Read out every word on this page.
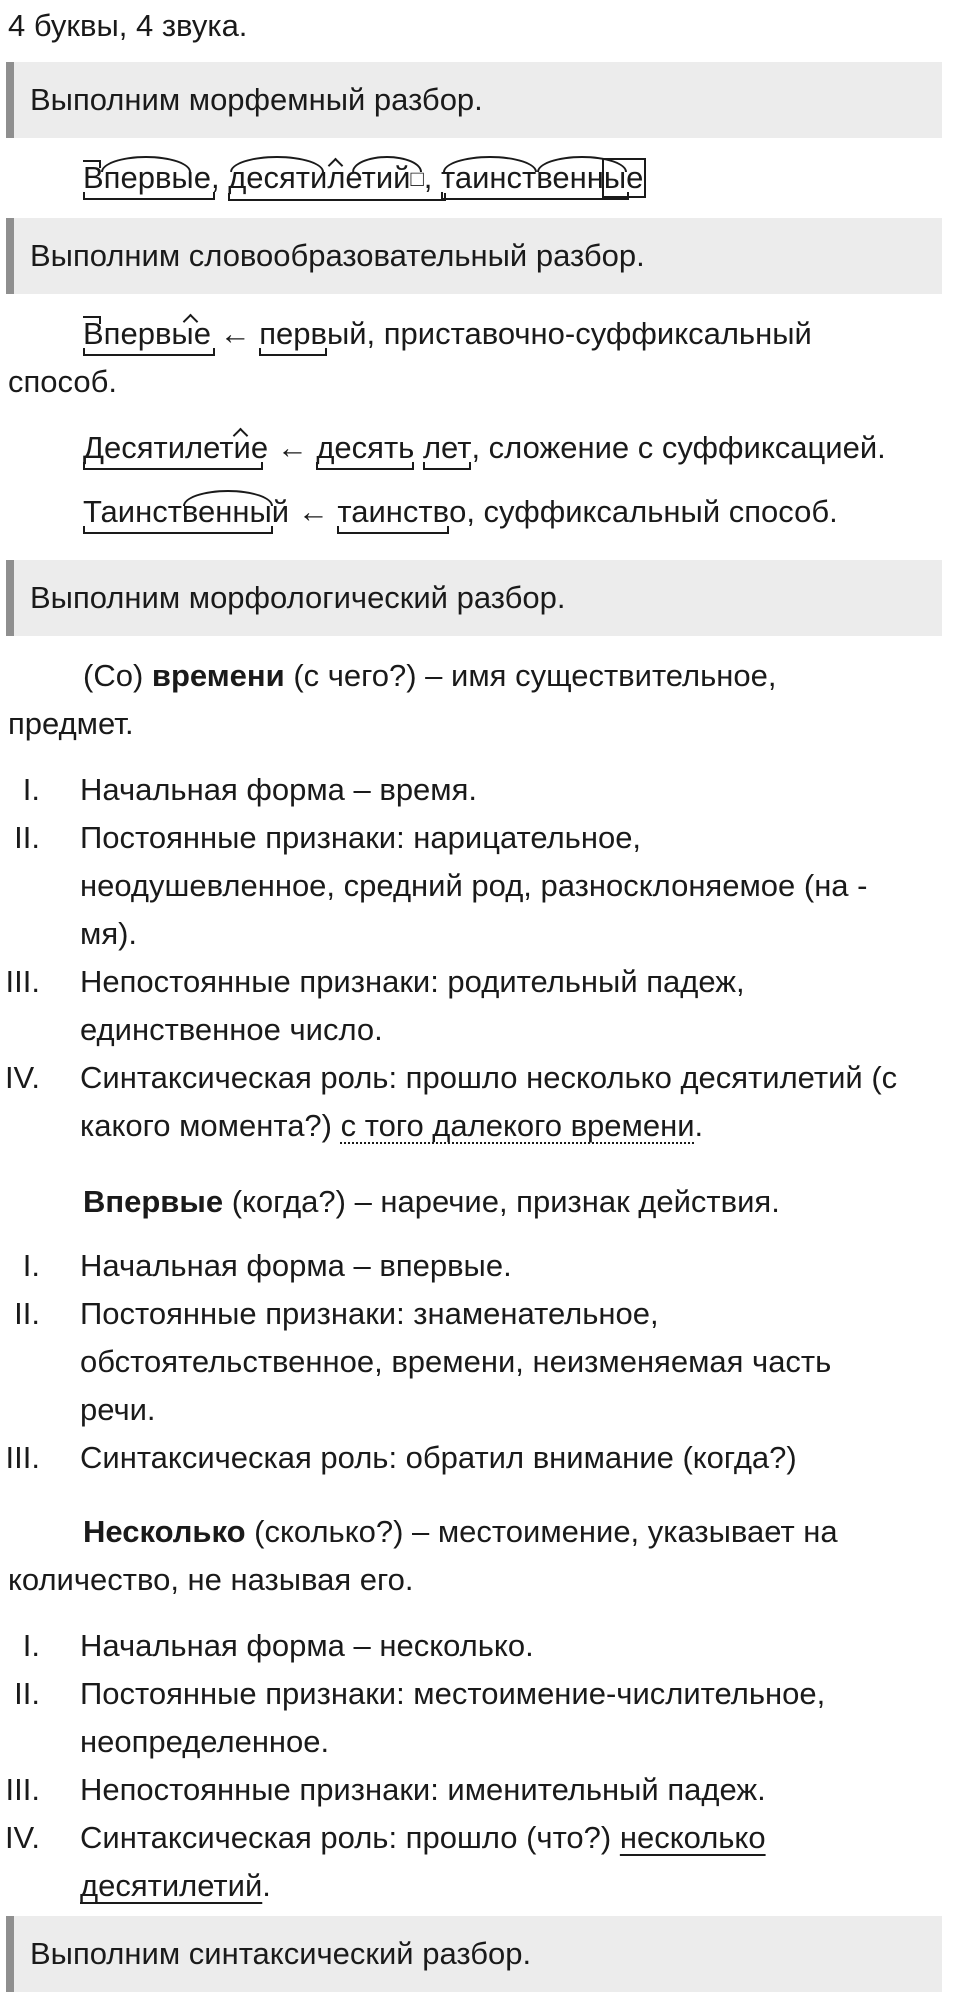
4 буквы, 4 звука.
Выполним морфемный разбор.
Впервые, десятилетий□, таинственн
ые
Выполним словообразовательный разбор.
Впервые ← первый, приставочно-суффиксальный
способ.
Десятилетие ← десять лет, сложение с суффиксацией.
Таинственный ← таинство, суффиксальный способ.
Выполним морфологический разбор.
(Со) времени (с чего?) – имя существительное,
предмет.
I. Начальная форма – время.
II. Постоянные признаки: нарицательное,
неодушевленное, средний род, разносклоняемое (на -
мя).
III. Непостоянные признаки: родительный падеж,
единственное число.
IV. Синтаксическая роль: прошло несколько десятилетий (с
какого момента?) с того далекого времени.
Впервые (когда?) – наречие, признак действия.
I. Начальная форма – впервые.
II. Постоянные признаки: знаменательное,
обстоятельственное, времени, неизменяемая часть
речи.
III. Синтаксическая роль: обратил внимание (когда?)
Несколько (сколько?) – местоимение, указывает на
количество, не называя его.
I. Начальная форма – несколько.
II. Постоянные признаки: местоимение-числительное,
неопределенное.
III. Непостоянные признаки: именительный падеж.
IV. Синтаксическая роль: прошло (что?) несколько
десятилетий.
Выполним синтаксический разбор.
